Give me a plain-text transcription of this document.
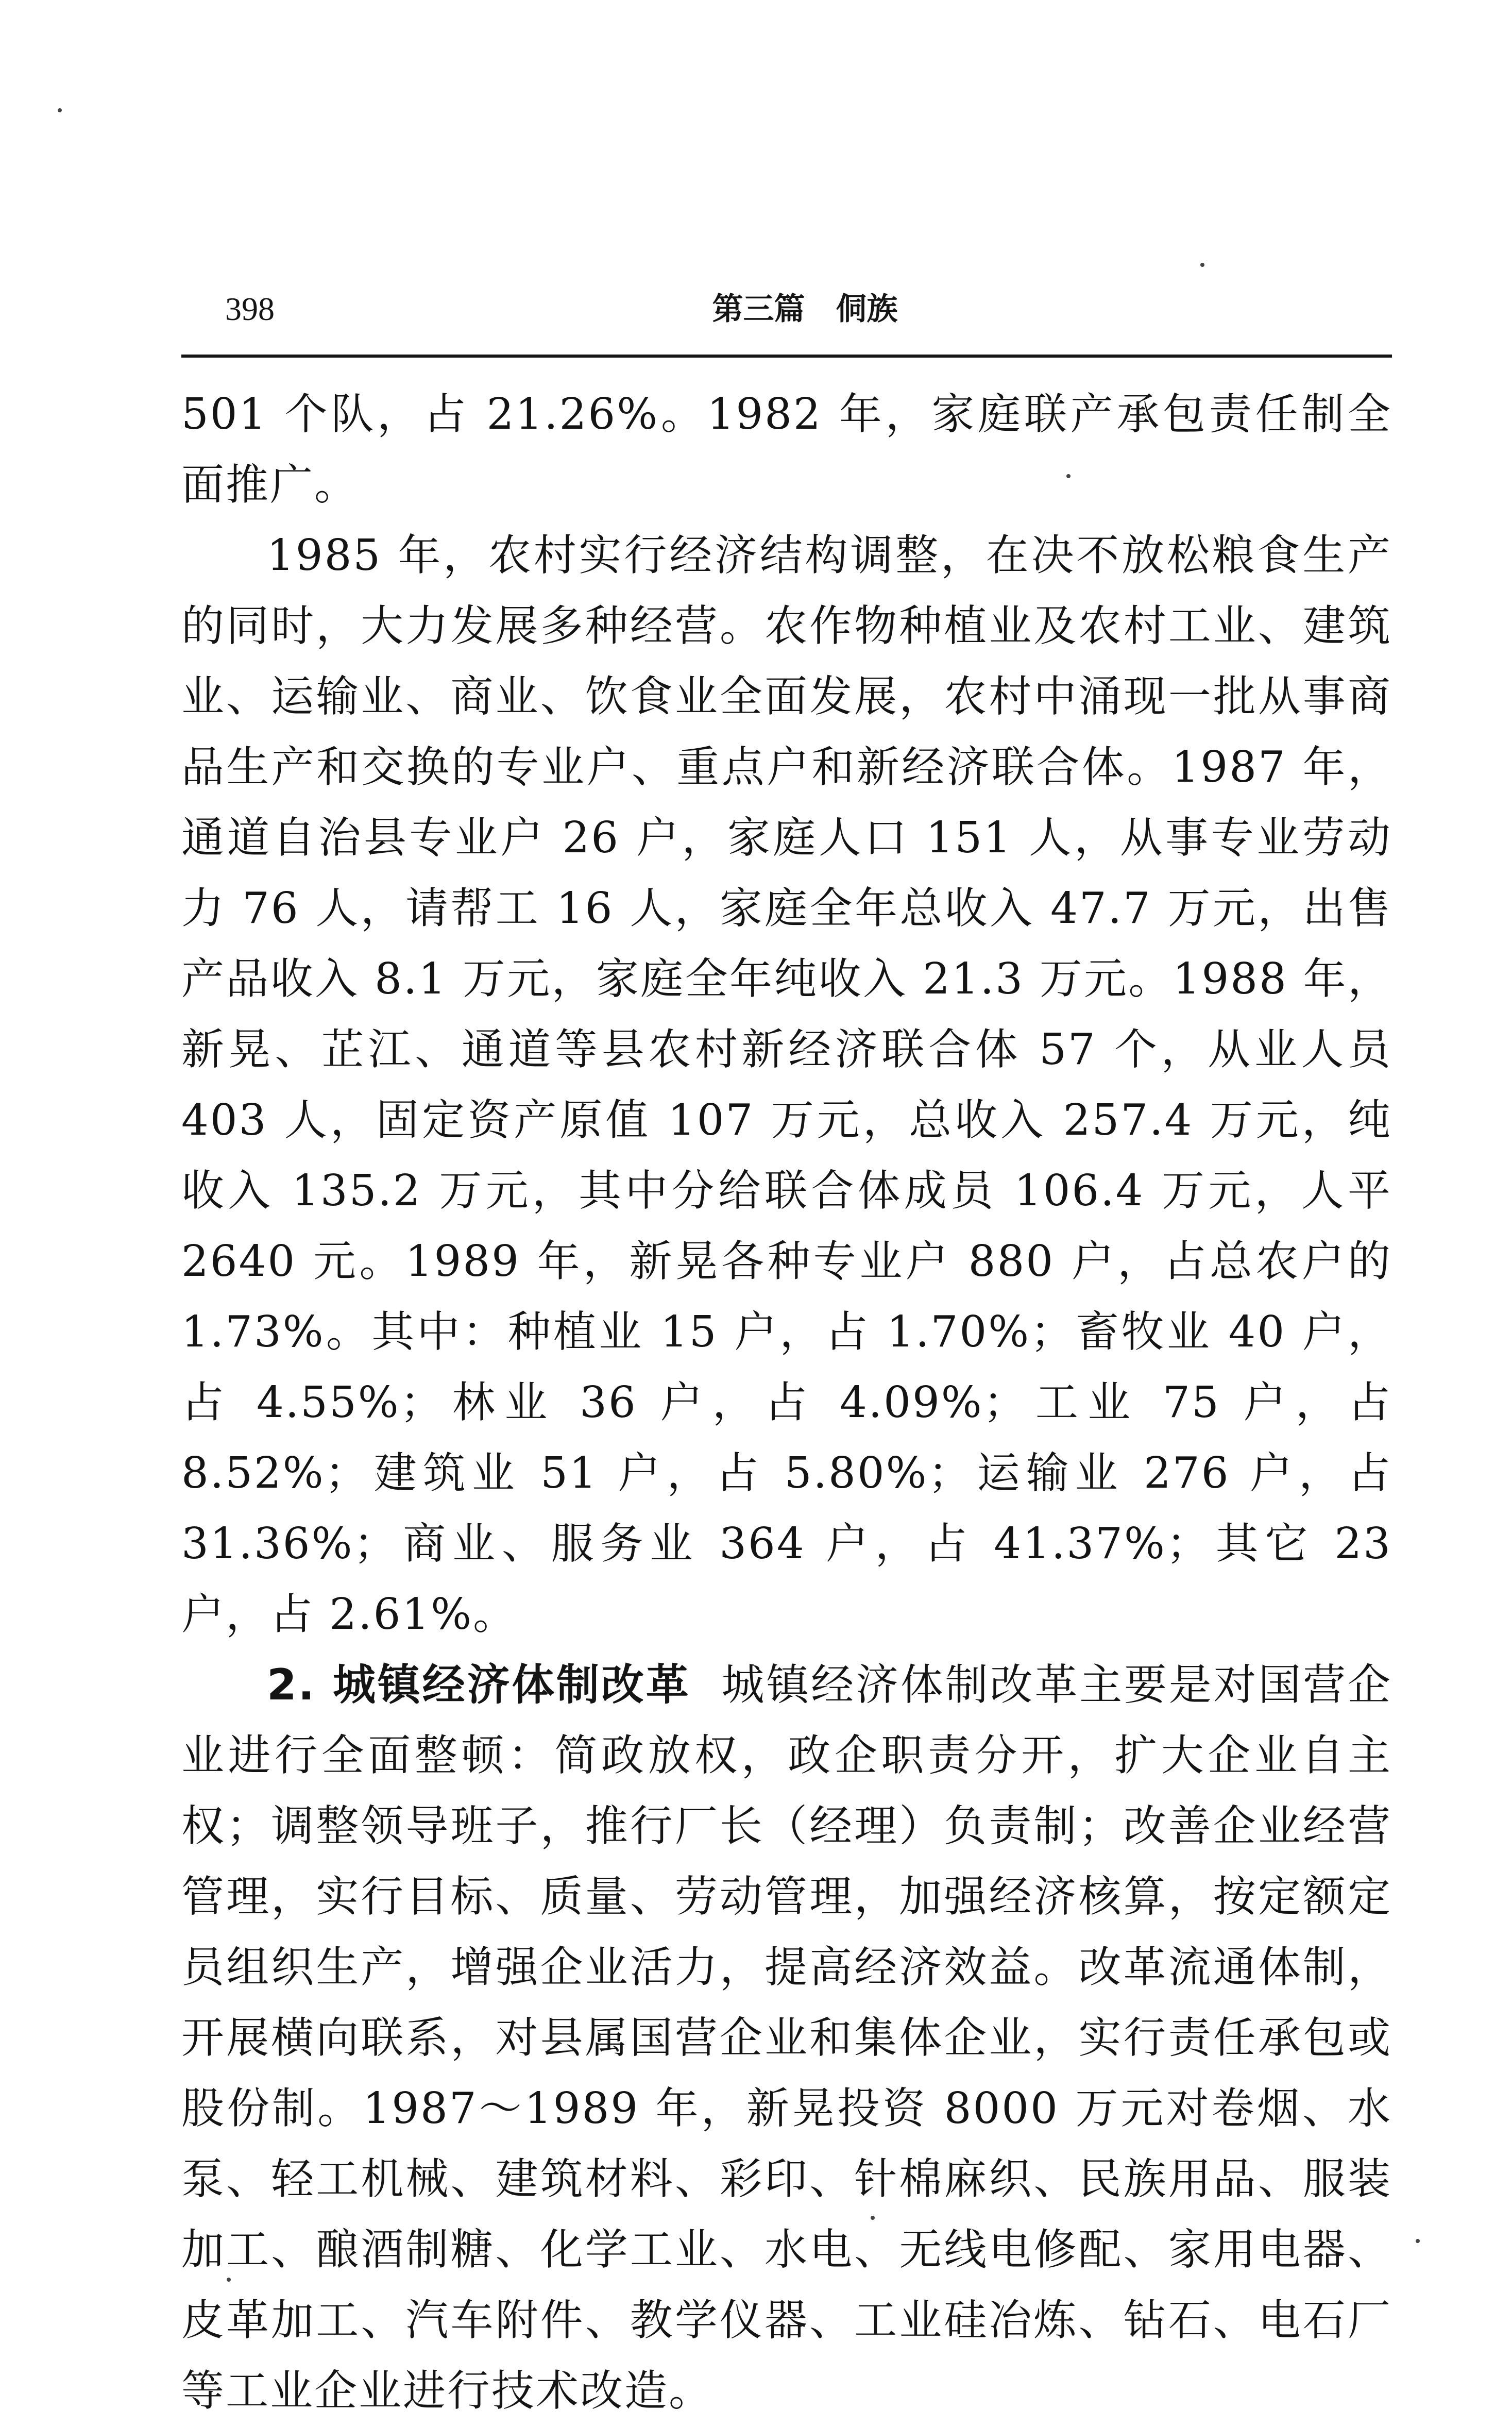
398	第三篇　侗族

501 个队，占 21.26%。1982 年，家庭联产承包责任制全面推广。

1985 年，农村实行经济结构调整，在决不放松粮食生产的同时，大力发展多种经营。农作物种植业及农村工业、建筑业、运输业、商业、饮食业全面发展，农村中涌现一批从事商品生产和交换的专业户、重点户和新经济联合体。1987 年，通道自治县专业户 26 户，家庭人口 151 人，从事专业劳动力 76 人，请帮工 16 人，家庭全年总收入 47.7 万元，出售产品收入 8.1 万元，家庭全年纯收入 21.3 万元。1988 年，新晃、芷江、通道等县农村新经济联合体 57 个，从业人员 403 人，固定资产原值 107 万元，总收入 257.4 万元，纯收入 135.2 万元，其中分给联合体成员 106.4 万元，人平 2640 元。1989 年，新晃各种专业户 880 户，占总农户的 1.73%。其中：种植业 15 户，占 1.70%；畜牧业 40 户，占 4.55%；林业 36 户，占 4.09%；工业 75 户，占 8.52%；建筑业 51 户，占 5.80%；运输业 276 户，占 31.36%；商业、服务业 364 户，占 41.37%；其它 23 户，占 2.61%。

2. 城镇经济体制改革 城镇经济体制改革主要是对国营企业进行全面整顿：简政放权，政企职责分开，扩大企业自主权；调整领导班子，推行厂长（经理）负责制；改善企业经营管理，实行目标、质量、劳动管理，加强经济核算，按定额定员组织生产，增强企业活力，提高经济效益。改革流通体制，开展横向联系，对县属国营企业和集体企业，实行责任承包或股份制。1987～1989 年，新晃投资 8000 万元对卷烟、水泵、轻工机械、建筑材料、彩印、针棉麻织、民族用品、服装加工、酿酒制糖、化学工业、水电、无线电修配、家用电器、皮革加工、汽车附件、教学仪器、工业硅冶炼、钻石、电石厂等工业企业进行技术改造。
